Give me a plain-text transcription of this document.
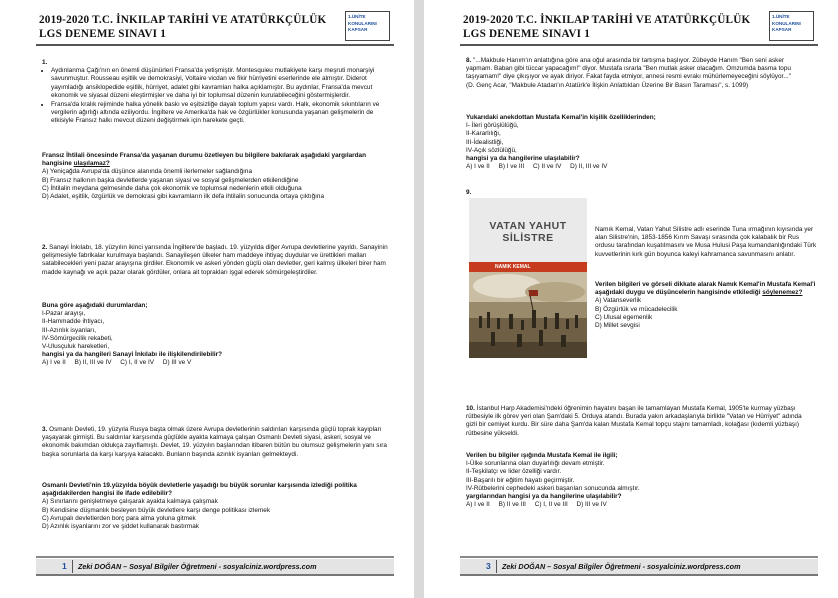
2019-2020 T.C. İNKILAP TARİHİ VE ATATÜRKÇÜLÜK
LGS DENEME SINAVI 1
1.ÜNİTE
KONULARINI
KAPSAR

1.

• Aydınlanma Çağı'nın en önemli düşünürleri Fransa'da yetişmiştir. Montesquieu mutlakiyete karşı meşruti monarşiyi savunmuştur. Rousseau eşitlik ve demokrasiyi, Voltaire vicdan ve fikir hürriyetini eserlerinde ele almıştır. Diderot yayımladığı ansiklopedide eşitlik, hürriyet, adalet gibi kavramları halka açıklamıştır. Bu aydınlar, Fransa'da mevcut ekonomik ve siyasal düzeni eleştirmişler ve daha iyi bir toplumsal düzenin kurulabileceğini göstermişlerdir.
• Fransa'da kralık rejiminde halka yönelik baskı ve eşitsizliğe dayalı toplum yapısı vardı. Halk, ekonomik sıkıntıların ve vergilerin ağırlığı altında eziliyordu. İngiltere ve Amerika'da hak ve özgürlükler konusunda yaşanan gelişmelerin de etkisiyle Fransız halkı mevcut düzeni değiştirmek için harekete geçti.

Fransız İhtilali öncesinde Fransa'da yaşanan durumu özetleyen bu bilgilere bakılarak aşağıdaki yargılardan hangisine ulaşılamaz?

A) Yeniçağda Avrupa'da düşünce alanında önemli ilerlemeler sağlandığına

B) Fransız halkının başka devletlerde yaşanan siyasi ve sosyal gelişmelerden etkilendiğine

C) İhtilalin meydana gelmesinde daha çok ekonomik ve toplumsal nedenlerin etkili olduğuna

D) Adalet, eşitlik, özgürlük ve demokrasi gibi kavramların ilk defa ihtilalin sonucunda ortaya çıktığına

2. Sanayi İnkılabı, 18. yüzyılın ikinci yarısında İngiltere'de başladı. 19. yüzyılda diğer Avrupa devletlerine yayıldı. Sanayinin gelişmesiyle fabrikalar kurulmaya başlandı. Sanayileşen ülkeler ham maddeye ihtiyaç duydular ve ürettikleri malları satabilecekleri yeni pazar arayışına girdiler. Ekonomik ve askeri yönden güçlü olan devletler, geri kalmış ülkeleri birer ham madde kaynağı ve açık pazar olarak gördüler, onlara ait toprakları işgal ederek sömürgeleştirdiler.

Buna göre aşağıdaki durumlardan;

I-Pazar arayışı,

II-Hammadde ihtiyacı,

III-Azınlık isyanları,

IV-Sömürgecilik rekabeti,

V-Ulusçuluk hareketleri,

hangisi ya da hangileri Sanayi İnkılabı ile ilişkilendirilebilir?

A) I ve II B) II, III ve IV C) I, II ve IV D) III ve V

3. Osmanlı Devleti, 19. yüzyıla Rusya başta olmak üzere Avrupa devletlerinin saldırıları karşısında güçlü toprak kayıpları yaşayarak girmişti. Bu saldırılar karşısında güçlükle ayakta kalmaya çalışan Osmanlı Devleti siyasi, askeri, sosyal ve ekonomik bakımdan oldukça zayıflamıştı. Devlet, 19. yüzyılın başlarından itibaren bütün bu olumsuz gelişmelerin yanı sıra başka sorunlarla da karşı karşıya kalacaktı. Bunların başında azınlık isyanları gelmekteydi.

Osmanlı Devleti'nin 19.yüzyılda böyük devletlerle yaşadığı bu büyük sorunlar karşısında izlediği politika aşağıdakilerden hangisi ile ifade edilebilir?

A) Sınırlarını genişletmeye çalışarak ayakta kalmaya çalışmak

B) Kendisine düşmanlık besleyen büyük devletlere karşı denge politikası izlemek

C) Avrupalı devletlerden borç para alma yoluna gitmek

D) Azınlık isyanlarını zor ve şiddet kullanarak bastırmak

1 Zeki DOĞAN – Sosyal Bilgiler Öğretmeni - sosyalciniz.wordpress.com
2019-2020 T.C. İNKILAP TARİHİ VE ATATÜRKÇÜLÜK
LGS DENEME SINAVI 1
1.ÜNİTE
KONULARINI
KAPSAR

8. "...Makbule Hanım'ın anlattığına göre ana oğul arasında bir tartışma başlıyor. Zübeyde Hanım "Ben seni asker yapmam. Baban gibi tüccar yapacağım!" diyor. Mustafa ısrarla "Ben mutlak asker olacağım. Omzumda basma topu taşıyamam!" diye çikışıyor ve ayak diriyor. Fakat fayda etmiyor, annesi resmi evrakı mühürlemeyeceğini söylüyor..."

(D. Genç Acar, "Makbule Atadan'ın Atatürk'e İlişkin Anlattıkları Üzerine Bir Basın Taraması", s. 1099)

Yukarıdaki anekdottan Mustafa Kemal'in kişilik özelliklerinden;

I- İleri görüşlülüğü,

II-Kararlılığı,

III-İdealistliği,

IV-Açık sözlülüğü,

hangisi ya da hangilerine ulaşılabilir?

A) I ve II B) I ve III C) II ve IV D) II, III ve IV

9.

VATAN YAHUT
SİLİSTRE
NAMIK KEMAL

Namık Kemal, Vatan Yahut Silistre adlı eserinde Tuna ırmağının kıyısında yer alan Silistre'nin, 1853-1856 Kırım Savaşı sırasında çok kalabalık bir Rus ordusu tarafından kuşatılmasını ve Musa Hulusi Paşa kumandanlığındaki Türk kuvvetlerinin kırk gün boyunca kaleyi kahramanca savunmasını anlatır.

Verilen bilgileri ve görseli dikkate alarak Namık Kemal'in Mustafa Kemal'i aşağıdaki duygu ve düşüncelerin hangisinde etkilediği söylenemez?

A) Vatanseverlik

B) Özgürlük ve mücadelecilik

C) Ulusal egemenlik

D) Millet sevgisi

10. İstanbul Harp Akademisi'ndeki öğrenimin hayatını başan ile tamamlayan Mustafa Kemal, 1905'te kurmay yüzbaşı rütbesiyle ilk görev yeri olan Şam'daki 5. Orduya atandı. Burada yakın arkadaşlarıyla birlikte "Vatan ve Hürriyet" adında gizli bir cemiyet kurdu. Bir süre daha Şam'da kalan Mustafa Kemal topçu stajını tamamladı, kolağası (kıdemli yüzbaşı) rütbesine yükseldi.

Verilen bu bilgiler ışığında Mustafa Kemal ile ilgili;

I-Ülke sorunlarına olan duyarlılığı devam etmiştir.

II-Teşkilatçı ve lider özelliği vardır.

III-Başarılı bir eğitim hayatı geçirmiştir.

IV-Rütbelerini cephedeki askeri başarıları sonucunda almıştır.

yargılarından hangisi ya da hangilerine ulaşılabilir?

A) I ve II B) II ve III C) I, II ve III D) III ve IV

3 Zeki DOĞAN – Sosyal Bilgiler Öğretmeni - sosyalciniz.wordpress.com
